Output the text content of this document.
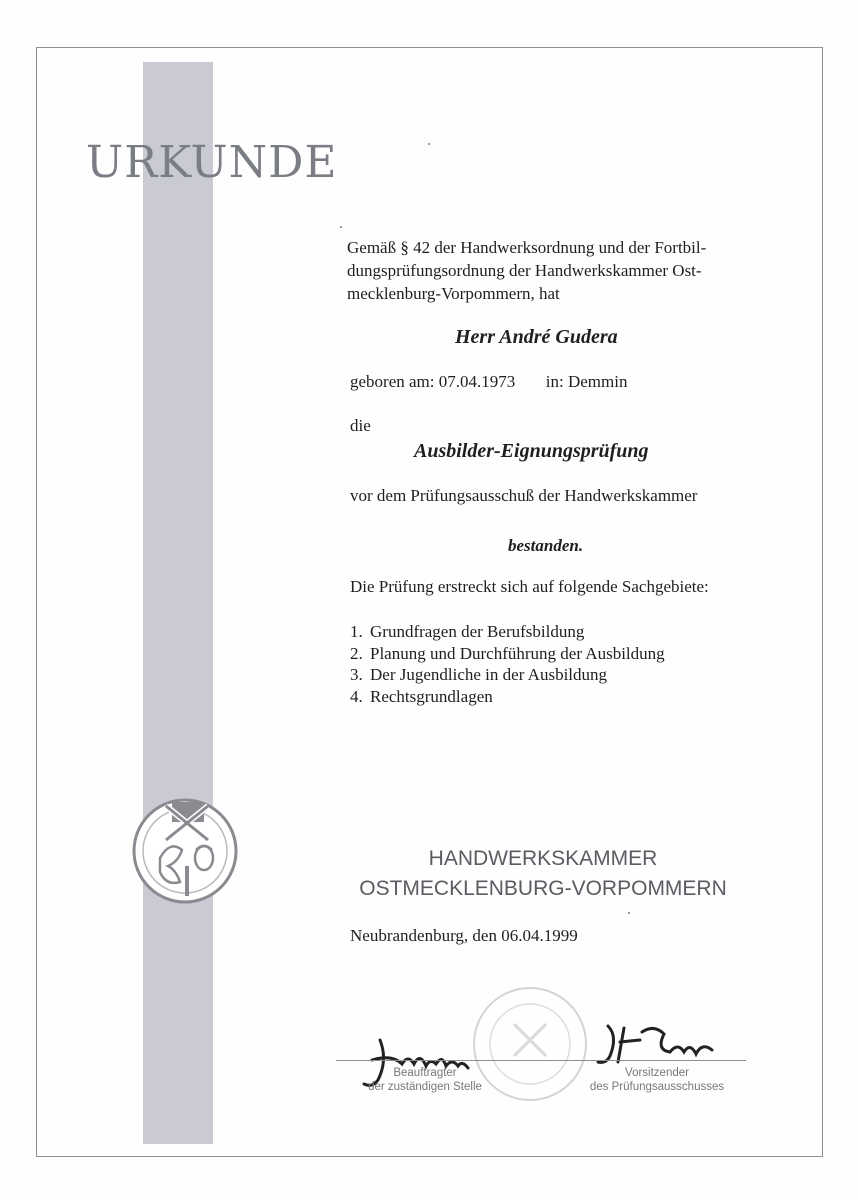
URKUNDE

Gemäß § 42 der Handwerksordnung und der Fortbil-dungsprüfungsordnung der Handwerkskammer Ost-mecklenburg-Vorpommern, hat

Herr André Gudera

geboren am: 07.04.1973 in: Demmin

die

Ausbilder-Eignungsprüfung

vor dem Prüfungsausschuß der Handwerkskammer

bestanden.

Die Prüfung erstreckt sich auf folgende Sachgebiete:

1. Grundfragen der Berufsbildung
2. Planung und Durchführung der Ausbildung
3. Der Jugendliche in der Ausbildung
4. Rechtsgrundlagen
HANDWERKSKAMMER
OSTMECKLENBURG-VORPOMMERN

Neubrandenburg, den 06.04.1999

Beauftragter
der zuständigen Stelle
Vorsitzender
des Prüfungsausschusses
